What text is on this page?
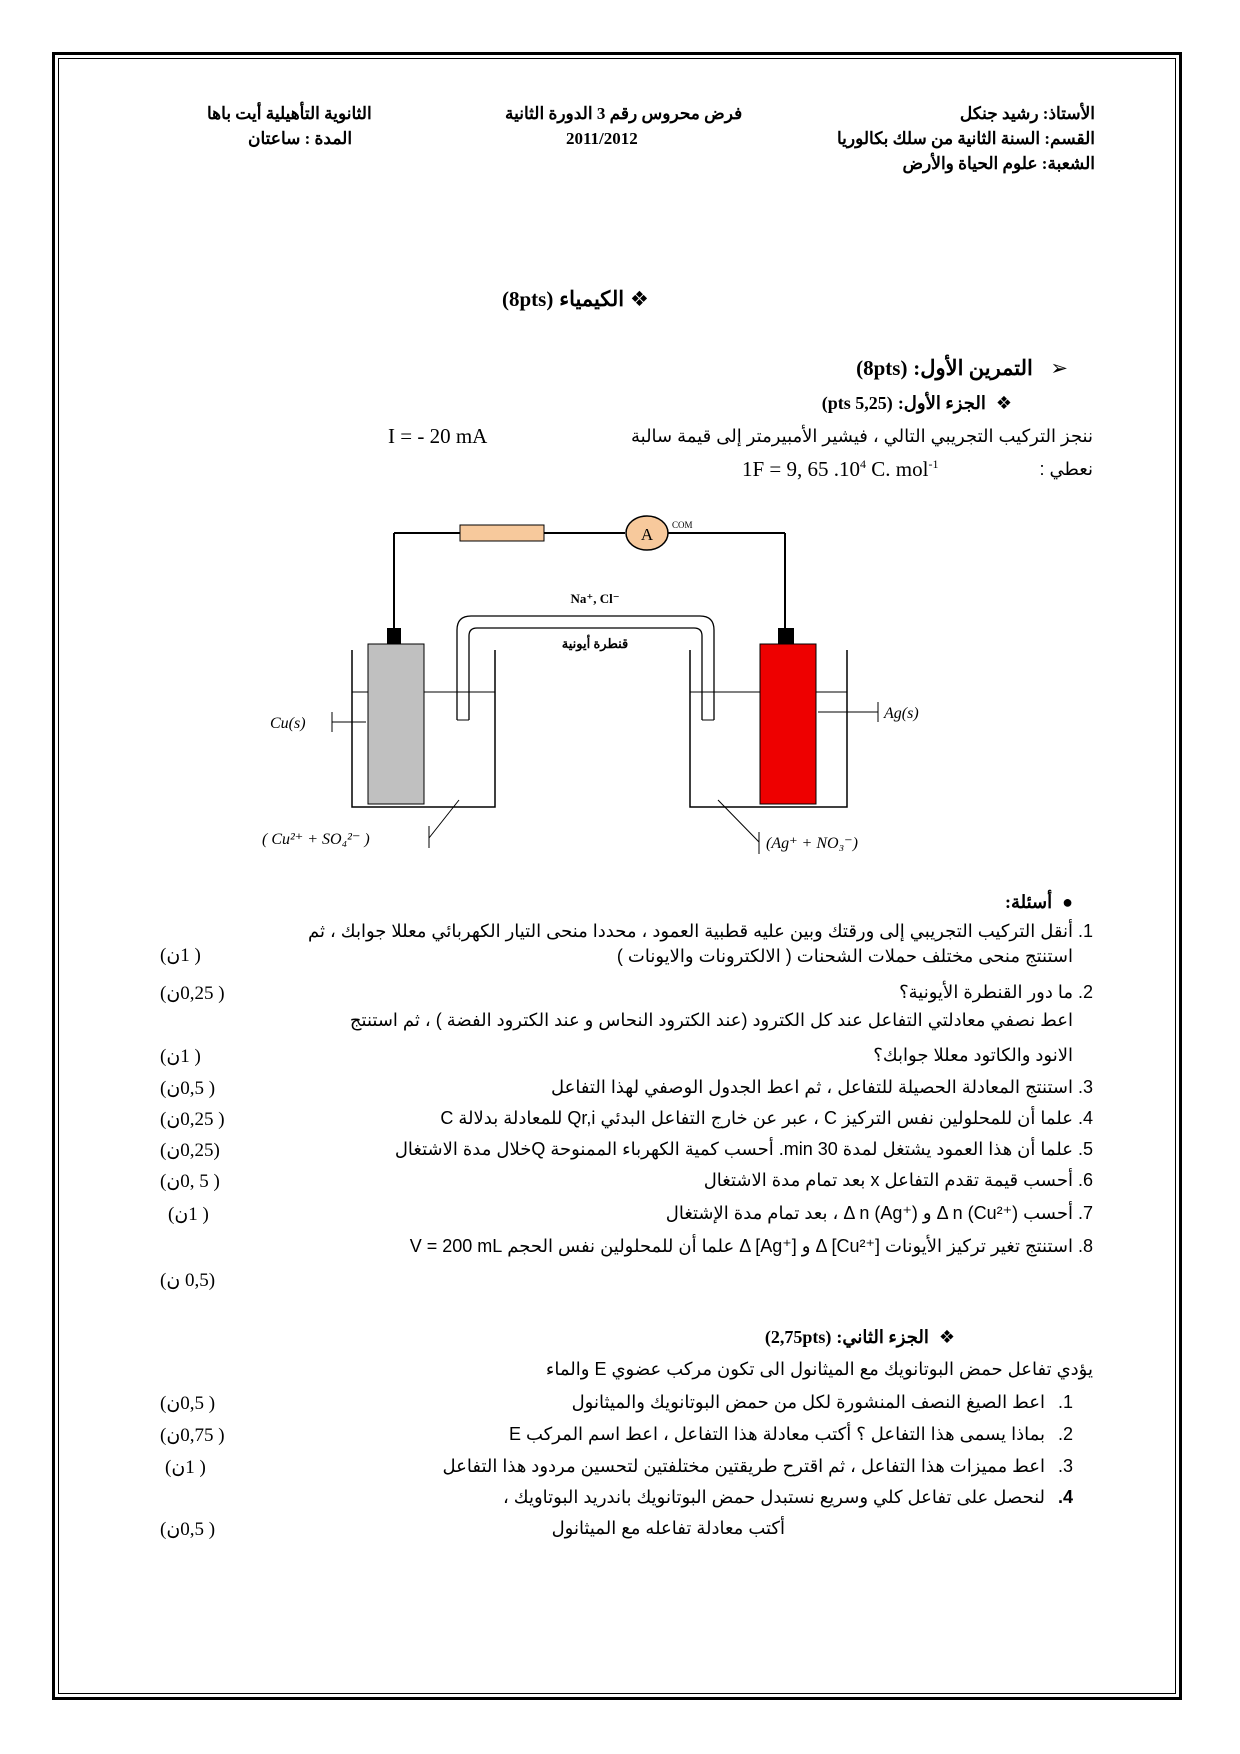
الأستاذ: رشيد جنكل
القسم: السنة الثانية من سلك بكالوريا
الشعبة: علوم الحياة والأرض
فرض محروس رقم 3 الدورة الثانية
2011/2012
الثانوية التأهيلية أيت باها
المدة : ساعتان
❖ الكيمياء (8pts)
➢   التمرين الأول: (8pts)
❖  الجزء الأول: (5,25 pts)
ننجز التركيب التجريبي التالي ، فيشير الأمبيرمتر إلى قيمة سالبة
I = - 20 mA
نعطي :
1F = 9, 65 $.10^4$ C. mol$^{-1}$
A COM
Na⁺, Cl⁻
قنطرة أيونية
Cu(s)
Ag(s)
( Cu²⁺ + SO₄²⁻ )	(Ag⁺ + NO₃⁻)
●  أسئلة:
1.
أنقل التركيب التجريبي إلى ورقتك وبين عليه قطبية العمود ، محددا منحى التيار الكهربائي معللا جوابك ، ثم
استنتج منحى مختلف حملات الشحنات ( الالكترونات والايونات )
( 1ن)
2.
ما دور القنطرة الأيونية؟
( 0,25ن)
اعط نصفي معادلتي التفاعل عند كل الكترود (عند الكترود النحاس و عند الكترود الفضة ) ، ثم استنتج
الانود والكاتود معللا جوابك؟
( 1ن)
3.
استنتج المعادلة الحصيلة للتفاعل ، ثم اعط الجدول الوصفي لهذا التفاعل
( 0,5ن)
4.
علما أن للمحلولين نفس التركيز C ، عبر عن خارج التفاعل البدئي Qr,i للمعادلة بدلالة C
( 0,25ن)
5.
علما أن هذا العمود يشتغل لمدة 30 min. أحسب كمية الكهرباء الممنوحة Qخلال مدة الاشتغال
(0,25ن)
6.
أحسب قيمة تقدم التفاعل x بعد تمام مدة الاشتغال
( 5 ,0ن)
7.
أحسب Δ n (Cu²⁺) و Δ n (Ag⁺) ، بعد تمام مدة الإشتغال
( 1ن)
8.
استنتج تغير تركيز الأيونات Δ [Cu²⁺] و Δ [Ag⁺] علما أن للمحلولين نفس الحجم V = 200 mL
(0,5 ن)
❖  الجزء الثاني: (2,75pts)
يؤدي تفاعل حمض البوتانويك مع الميثانول الى تكون مركب عضوي E والماء
1.
اعط الصيغ النصف المنشورة لكل من حمض البوتانويك والميثانول
( 0,5ن)
2.
بماذا يسمى هذا التفاعل ؟ أكتب معادلة هذا التفاعل ، اعط اسم المركب E
( 0,75ن)
3.
اعط مميزات هذا التفاعل ، ثم اقترح طريقتين مختلفتين لتحسين مردود هذا التفاعل
( 1ن)
4.
لنحصل على تفاعل كلي وسريع نستبدل حمض البوتانويك باندريد البوتاويك ،
أكتب معادلة تفاعله مع الميثانول
( 0,5ن)
